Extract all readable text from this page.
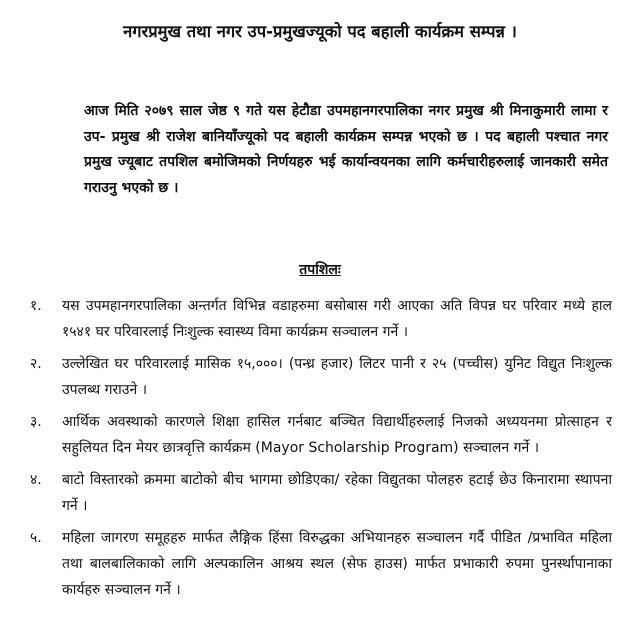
नगरप्रमुख तथा नगर उप-प्रमुखज्यूको पद बहाली कार्यक्रम सम्पन्न ।
आज मिति २०७९ साल जेष्ठ ९ गते यस हेटौडा उपमहानगरपालिका नगर प्रमुख श्री मिनाकुमारी लामा र उप- प्रमुख श्री राजेश बानियाँज्यूको पद बहाली कार्यक्रम सम्पन्न भएको छ । पद बहाली पश्चात नगर प्रमुख ज्यूबाट तपशिल बमोजिमको निर्णयहरु भई कार्यान्वयनका लागि कर्मचारीहरुलाई जानकारी समेत गराउनु भएको छ ।
तपशिलः
१.	यस उपमहानगरपालिका अन्तर्गत विभिन्न वडाहरुमा बसोबास गरी आएका अति विपन्न घर परिवार मध्ये हाल १५४१ घर परिवारलाई निःशुल्क स्वास्थ्य विमा कार्यक्रम सञ्चालन गर्ने ।
२.	उल्लेखित घर परिवारलाई मासिक १५,०००। (पन्ध्र हजार) लिटर पानी र २५ (पच्चीस) युनिट विद्युत निःशुल्क उपलब्ध गराउने ।
३.	आर्थिक अवस्थाको कारणले शिक्षा हासिल गर्नबाट बञ्चित विद्यार्थीहरुलाई निजको अध्ययनमा प्रोत्साहन र सहुलियत दिन मेयर छात्रवृत्ति कार्यक्रम (Mayor Scholarship Program) सञ्चालन गर्ने ।
४.	बाटो विस्तारको क्रममा बाटोको बीच भागमा छोडिएका/ रहेका विद्युतका पोलहरु हटाई छेउ किनारामा स्थापना गर्ने ।
५.	महिला जागरण समूहहरु मार्फत लैङ्गिक हिंसा विरुद्धका अभियानहरु सञ्चालन गर्दै पीडित /प्रभावित महिला तथा बालबालिकाको लागि अल्पकालिन आश्रय स्थल (सेफ हाउस) मार्फत प्रभाकारी रुपमा पुनर्स्थापानाका कार्यहरु सञ्चालन गर्ने ।
